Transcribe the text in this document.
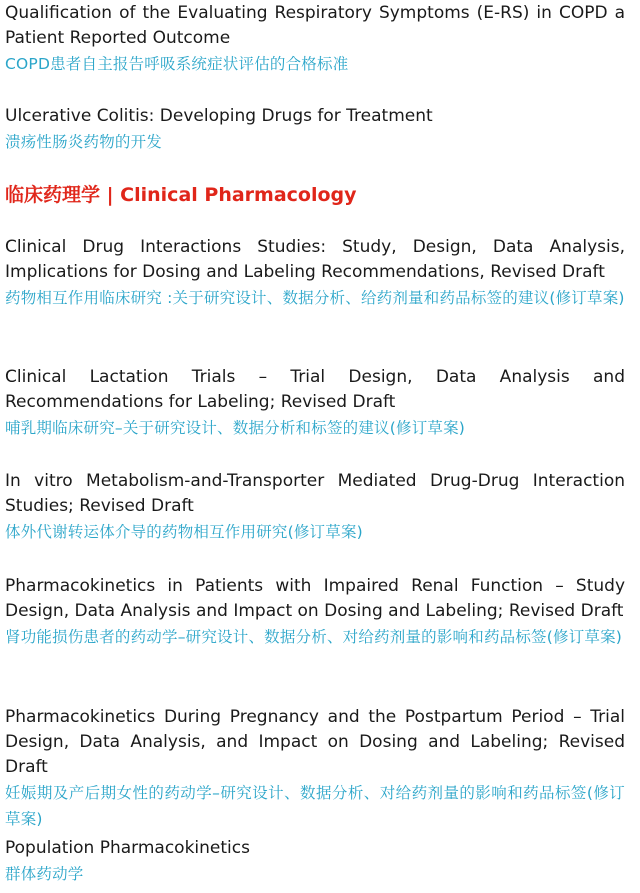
Qualification of the Evaluating Respiratory Symptoms (E-RS) in COPD a Patient Reported Outcome

COPD患者自主报告呼吸系统症状评估的合格标准

Ulcerative Colitis: Developing Drugs for Treatment

溃疡性肠炎药物的开发

临床药理学 | Clinical Pharmacology

Clinical Drug Interactions Studies: Study, Design, Data Analysis, Implications for Dosing and Labeling Recommendations, Revised Draft

药物相互作用临床研究 :关于研究设计、数据分析、给药剂量和药品标签的建议(修订草案)

Clinical Lactation Trials – Trial Design, Data Analysis and Recommendations for Labeling; Revised Draft

哺乳期临床研究–关于研究设计、数据分析和标签的建议(修订草案)

In vitro Metabolism-and-Transporter Mediated Drug-Drug Interaction Studies; Revised Draft

体外代谢转运体介导的药物相互作用研究(修订草案)

Pharmacokinetics in Patients with Impaired Renal Function – Study Design, Data Analysis and Impact on Dosing and Labeling; Revised Draft

肾功能损伤患者的药动学–研究设计、数据分析、对给药剂量的影响和药品标签(修订草案)

Pharmacokinetics During Pregnancy and the Postpartum Period – Trial Design, Data Analysis, and Impact on Dosing and Labeling; Revised Draft

妊娠期及产后期女性的药动学–研究设计、数据分析、对给药剂量的影响和药品标签(修订草案)

Population Pharmacokinetics

群体药动学
